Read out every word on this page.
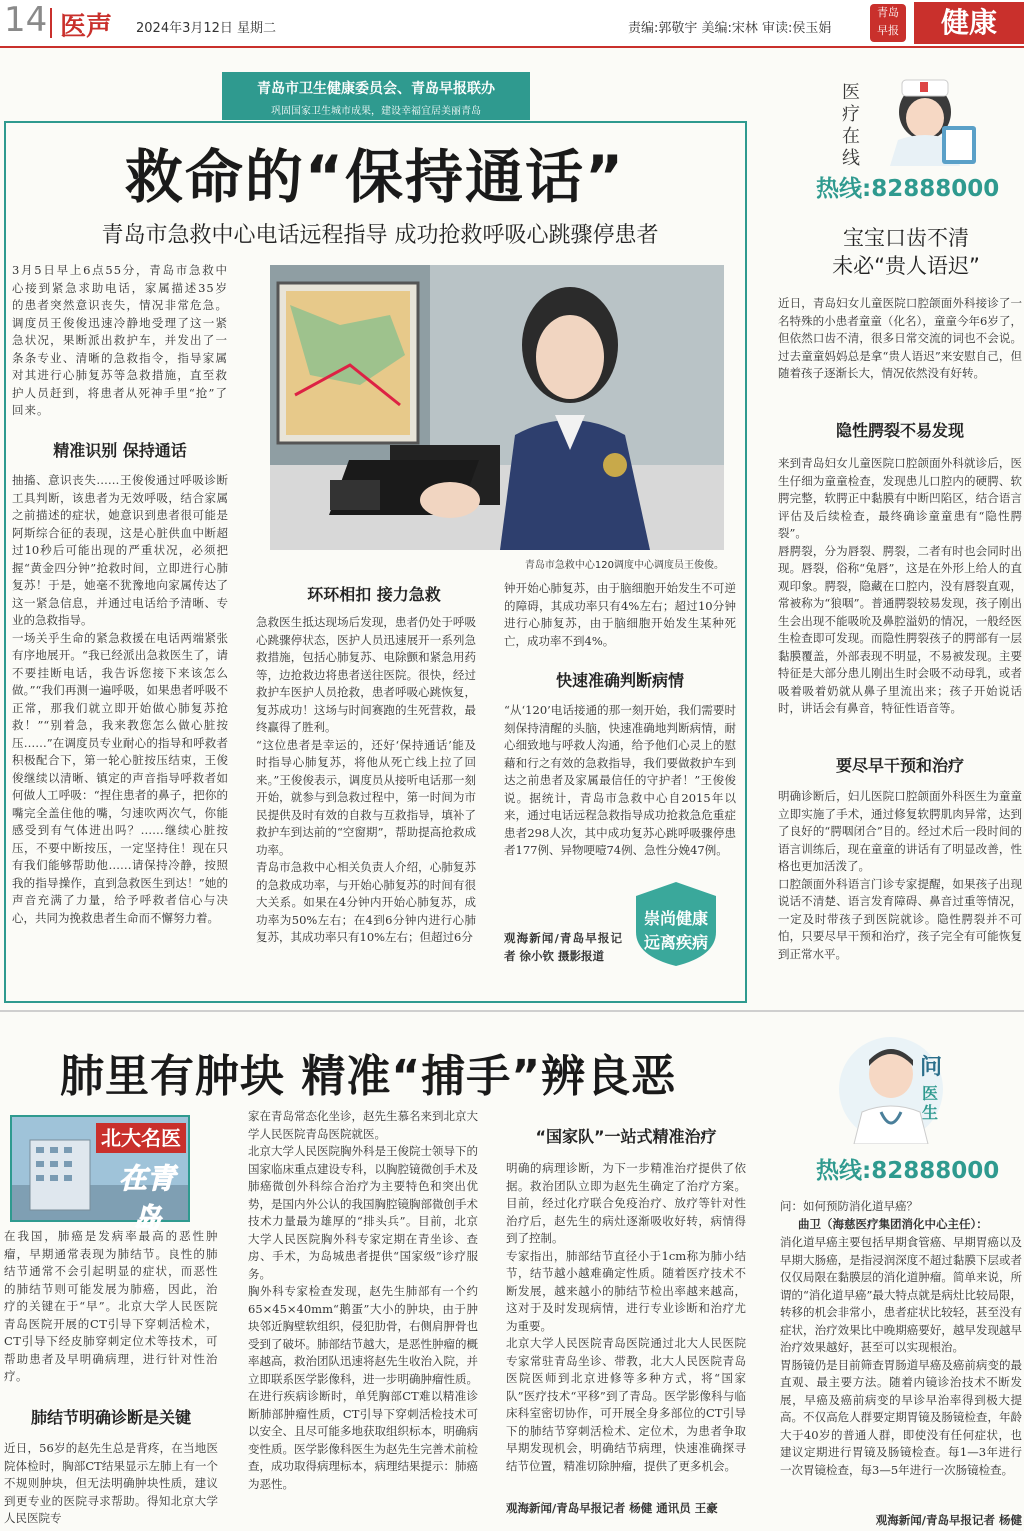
14 医声 2024年3月12日 星期二	责编:郭敬宇 美编:宋林 审读:侯玉娟
青岛
早报	健康
青岛市卫生健康委员会、青岛早报联办
巩固国家卫生城市成果，建设幸福宜居美丽青岛
救命的“保持通话”
青岛市急救中心电话远程指导 成功抢救呼吸心跳骤停患者
3月5日早上6点55分，青岛市急救中心接到紧急求助电话，家属描述35岁的患者突然意识丧失，情况非常危急。调度员王俊俊迅速冷静地受理了这一紧急状况，果断派出救护车，并发出了一条条专业、清晰的急救指令，指导家属对其进行心肺复苏等急救措施，直至救护人员赶到，将患者从死神手里“抢”了回来。
精准识别 保持通话
抽搐、意识丧失……王俊俊通过呼吸诊断工具判断，该患者为无效呼吸，结合家属之前描述的症状，她意识到患者很可能是阿斯综合征的表现，这是心脏供血中断超过10秒后可能出现的严重状况，必须把握“黄金四分钟”抢救时间，立即进行心肺复苏！于是，她毫不犹豫地向家属传达了这一紧急信息，并通过电话给予清晰、专业的急救指导。
一场关乎生命的紧急救援在电话两端紧张有序地展开。“我已经派出急救医生了，请不要挂断电话，我告诉您接下来该怎么做。”“我们再测一遍呼吸，如果患者呼吸不正常，那我们就立即开始做心肺复苏抢救！”“别着急，我来教您怎么做心脏按压……”在调度员专业耐心的指导和呼救者积极配合下，第一轮心脏按压结束，王俊俊继续以清晰、镇定的声音指导呼救者如何做人工呼吸：“捏住患者的鼻子，把你的嘴完全盖住他的嘴，匀速吹两次气，你能感受到有气体进出吗？……继续心脏按压，不要中断按压，一定坚持住！现在只有我们能够帮助他……请保持冷静，按照我的指导操作，直到急救医生到达！”她的声音充满了力量，给予呼救者信心与决心，共同为挽救患者生命而不懈努力着。
青岛市急救中心120调度中心调度员王俊俊。
环环相扣 接力急救
急救医生抵达现场后发现，患者仍处于呼吸心跳骤停状态，医护人员迅速展开一系列急救措施，包括心肺复苏、电除颤和紧急用药等，边抢救边将患者送往医院。很快，经过救护车医护人员抢救，患者呼吸心跳恢复，复苏成功！这场与时间赛跑的生死营救，最终赢得了胜利。
“这位患者是幸运的，还好‘保持通话’能及时指导心肺复苏，将他从死亡线上拉了回来。”王俊俊表示，调度员从接听电话那一刻开始，就参与到急救过程中，第一时间为市民提供及时有效的自救与互救指导，填补了救护车到达前的“空窗期”，帮助提高抢救成功率。
青岛市急救中心相关负责人介绍，心肺复苏的急救成功率，与开始心肺复苏的时间有很大关系。如果在4分钟内开始心肺复苏，成功率为50%左右；在4到6分钟内进行心肺复苏，其成功率只有10%左右；但超过6分
钟开始心肺复苏，由于脑细胞开始发生不可逆的障碍，其成功率只有4%左右；超过10分钟进行心肺复苏，由于脑细胞开始发生某种死亡，成功率不到4%。
快速准确判断病情
“从‘120’电话接通的那一刻开始，我们需要时刻保持清醒的头脑，快速准确地判断病情，耐心细致地与呼救人沟通，给予他们心灵上的慰藉和行之有效的急救指导，我们要做救护车到达之前患者及家属最信任的守护者！”王俊俊说。据统计，青岛市急救中心自2015年以来，通过电话远程急救指导成功抢救急危重症患者298人次，其中成功复苏心跳呼吸骤停患者177例、异物哽噎74例、急性分娩47例。
观海新闻/青岛早报记者 徐小钦 摄影报道
崇尚健康
远离疾病
医疗在线
热线:82888000
宝宝口齿不清
未必“贵人语迟”
近日，青岛妇女儿童医院口腔颌面外科接诊了一名特殊的小患者童童（化名），童童今年6岁了，但依然口齿不清，很多日常交流的词也不会说。过去童童妈妈总是拿“贵人语迟”来安慰自己，但随着孩子逐渐长大，情况依然没有好转。
隐性腭裂不易发现
来到青岛妇女儿童医院口腔颌面外科就诊后，医生仔细为童童检查，发现患儿口腔内的硬腭、软腭完整，软腭正中黏膜有中断凹陷区，结合语言评估及后续检查，最终确诊童童患有“隐性腭裂”。
唇腭裂，分为唇裂、腭裂，二者有时也会同时出现。唇裂，俗称“兔唇”，这是在外形上给人的直观印象。腭裂，隐藏在口腔内，没有唇裂直观，常被称为“狼咽”。普通腭裂较易发现，孩子刚出生会出现不能吸吮及鼻腔溢奶的情况，一般经医生检查即可发现。而隐性腭裂孩子的腭部有一层黏膜覆盖，外部表现不明显，不易被发现。主要特征是大部分患儿刚出生时会吸不动母乳，或者吸着吸着奶就从鼻子里流出来；孩子开始说话时，讲话会有鼻音，特征性语音等。
要尽早干预和治疗
明确诊断后，妇儿医院口腔颌面外科医生为童童立即实施了手术，通过修复软腭肌肉异常，达到了良好的“腭咽闭合”目的。经过术后一段时间的语言训练后，现在童童的讲话有了明显改善，性格也更加活泼了。
口腔颌面外科语言门诊专家提醒，如果孩子出现说话不清楚、语言发育障碍、鼻音过重等情况，一定及时带孩子到医院就诊。隐性腭裂并不可怕，只要尽早干预和治疗，孩子完全有可能恢复到正常水平。
肺里有肿块 精准“捕手”辨良恶
北大名医
在青岛
在我国，肺癌是发病率最高的恶性肿瘤，早期通常表现为肺结节。良性的肺结节通常不会引起明显的症状，而恶性的肺结节则可能发展为肺癌，因此，治疗的关键在于“早”。北京大学人民医院青岛医院开展的CT引导下穿刺活检术，CT引导下经皮肺穿刺定位术等技术，可帮助患者及早明确病理，进行针对性治疗。
肺结节明确诊断是关键
近日，56岁的赵先生总是背疼，在当地医院体检时，胸部CT结果显示左肺上有一个不规则肿块，但无法明确肿块性质，建议到更专业的医院寻求帮助。得知北京大学人民医院专
家在青岛常态化坐诊，赵先生慕名来到北京大学人民医院青岛医院就医。
北京大学人民医院胸外科是王俊院士领导下的国家临床重点建设专科，以胸腔镜微创手术及肺癌微创外科综合治疗为主要特色和突出优势，是国内外公认的我国胸腔镜胸部微创手术技术力量最为雄厚的“排头兵”。目前，北京大学人民医院胸外科专家定期在青坐诊、查房、手术，为岛城患者提供“国家级”诊疗服务。
胸外科专家检查发现，赵先生肺部有一个约65×45×40mm“鹅蛋”大小的肿块，由于肿块邻近胸壁软组织，侵犯肋骨，右侧肩胛骨也受到了破坏。肺部结节越大，是恶性肿瘤的概率越高，救治团队迅速将赵先生收治入院，并立即联系医学影像科，进一步明确肿瘤性质。
在进行疾病诊断时，单凭胸部CT难以精准诊断肺部肿瘤性质，CT引导下穿刺活检技术可以安全、且尽可能多地获取组织标本，明确病变性质。医学影像科医生为赵先生完善术前检查，成功取得病理标本，病理结果提示：肺癌为恶性。
“国家队”一站式精准治疗
明确的病理诊断，为下一步精准治疗提供了依据。救治团队立即为赵先生确定了治疗方案。目前，经过化疗联合免疫治疗、放疗等针对性治疗后，赵先生的病灶逐渐吸收好转，病情得到了控制。
专家指出，肺部结节直径小于1cm称为肺小结节，结节越小越难确定性质。随着医疗技术不断发展，越来越小的肺结节检出率越来越高，这对于及时发现病情，进行专业诊断和治疗尤为重要。
北京大学人民医院青岛医院通过北大人民医院专家常驻青岛坐诊、带教，北大人民医院青岛医院医师到北京进修等多种方式，将“国家队”医疗技术“平移”到了青岛。医学影像科与临床科室密切协作，可开展全身多部位的CT引导下的肺结节穿刺活检术、定位术，为患者争取早期发现机会，明确结节病理，快速准确探寻结节位置，精准切除肿瘤，提供了更多机会。
观海新闻/青岛早报记者 杨健 通讯员 王豪
问
医生
热线:82888000
问：如何预防消化道早癌？
曲卫（海慈医疗集团消化中心主任）：
消化道早癌主要包括早期食管癌、早期胃癌以及早期大肠癌，是指浸润深度不超过黏膜下层或者仅仅局限在黏膜层的消化道肿瘤。简单来说，所谓的“消化道早癌”最大特点就是病灶比较局限，转移的机会非常小，患者症状比较轻，甚至没有症状，治疗效果比中晚期癌要好，越早发现越早治疗效果越好，甚至可以实现根治。
胃肠镜仍是目前筛查胃肠道早癌及癌前病变的最直观、最主要方法。随着内镜诊治技术不断发展，早癌及癌前病变的早诊早治率得到极大提高。不仅高危人群要定期胃镜及肠镜检查，年龄大于40岁的普通人群，即使没有任何症状，也建议定期进行胃镜及肠镜检查。每1—3年进行一次胃镜检查，每3—5年进行一次肠镜检查。
观海新闻/青岛早报记者 杨健
